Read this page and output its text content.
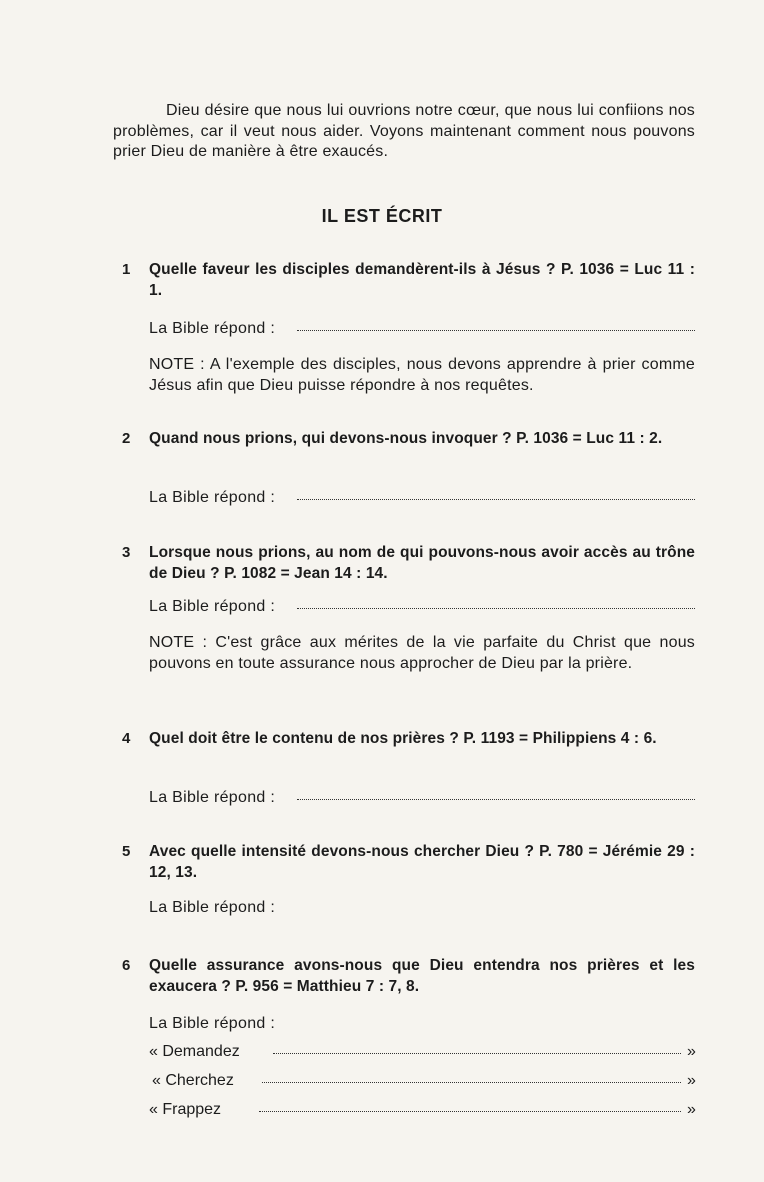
Dieu désire que nous lui ouvrions notre cœur, que nous lui confiions nos problèmes, car il veut nous aider. Voyons maintenant comment nous pouvons prier Dieu de manière à être exaucés.

IL EST ÉCRIT
1 Quelle faveur les disciples demandèrent-ils à Jésus ? P. 1036 = Luc 11 : 1.
La Bible répond :
NOTE : A l'exemple des disciples, nous devons apprendre à prier comme Jésus afin que Dieu puisse répondre à nos requêtes.
2 Quand nous prions, qui devons-nous invoquer ? P. 1036 = Luc 11 : 2.
La Bible répond :
3 Lorsque nous prions, au nom de qui pouvons-nous avoir accès au trône de Dieu ? P. 1082 = Jean 14 : 14.
La Bible répond :
NOTE : C'est grâce aux mérites de la vie parfaite du Christ que nous pouvons en toute assurance nous approcher de Dieu par la prière.
4 Quel doit être le contenu de nos prières ? P. 1193 = Philippiens 4 : 6.
La Bible répond :
5 Avec quelle intensité devons-nous chercher Dieu ? P. 780 = Jérémie 29 : 12, 13.
La Bible répond :
6 Quelle assurance avons-nous que Dieu entendra nos prières et les exaucera ? P. 956 = Matthieu 7 : 7, 8.
La Bible répond :
« Demandez	»
« Cherchez	»
« Frappez	»
